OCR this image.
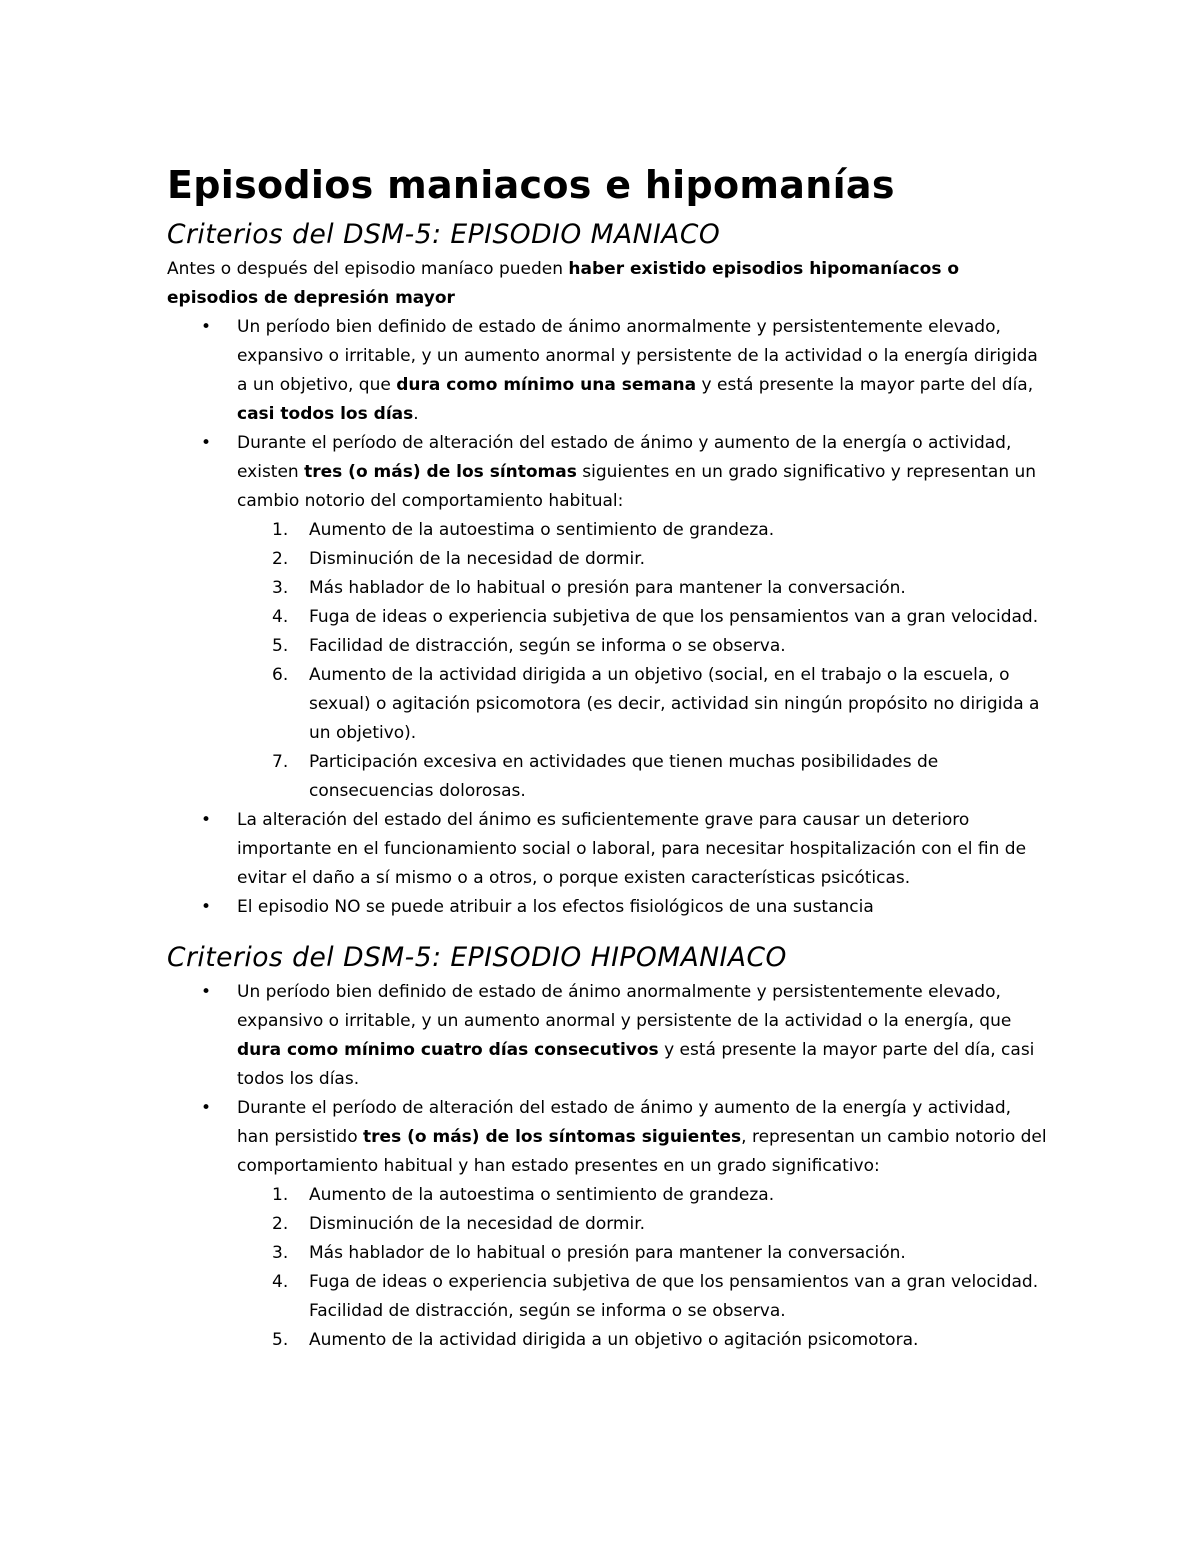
Episodios maniacos e hipomanías
Criterios del DSM-5: EPISODIO MANIACO

Antes o después del episodio maníaco pueden haber existido episodios hipomaníacos o episodios de depresión mayor

• Un período bien definido de estado de ánimo anormalmente y persistentemente elevado, expansivo o irritable, y un aumento anormal y persistente de la actividad o la energía dirigida a un objetivo, que dura como mínimo una semana y está presente la mayor parte del día, casi todos los días.
• Durante el período de alteración del estado de ánimo y aumento de la energía o actividad, existen tres (o más) de los síntomas siguientes en un grado significativo y representan un cambio notorio del comportamiento habitual:
1.	Aumento de la autoestima o sentimiento de grandeza.
2.	Disminución de la necesidad de dormir.
3.	Más hablador de lo habitual o presión para mantener la conversación.
4.	Fuga de ideas o experiencia subjetiva de que los pensamientos van a gran velocidad.
5.	Facilidad de distracción, según se informa o se observa.
6.	Aumento de la actividad dirigida a un objetivo (social, en el trabajo o la escuela, o sexual) o agitación psicomotora (es decir, actividad sin ningún propósito no dirigida a un objetivo).
7.	Participación excesiva en actividades que tienen muchas posibilidades de consecuencias dolorosas.
• La alteración del estado del ánimo es suficientemente grave para causar un deterioro importante en el funcionamiento social o laboral, para necesitar hospitalización con el fin de evitar el daño a sí mismo o a otros, o porque existen características psicóticas.
• El episodio NO se puede atribuir a los efectos fisiológicos de una sustancia
Criterios del DSM-5: EPISODIO HIPOMANIACO
• Un período bien definido de estado de ánimo anormalmente y persistentemente elevado, expansivo o irritable, y un aumento anormal y persistente de la actividad o la energía, que dura como mínimo cuatro días consecutivos y está presente la mayor parte del día, casi todos los días.
• Durante el período de alteración del estado de ánimo y aumento de la energía y actividad, han persistido tres (o más) de los síntomas siguientes, representan un cambio notorio del comportamiento habitual y han estado presentes en un grado significativo:
1.	Aumento de la autoestima o sentimiento de grandeza.
2.	Disminución de la necesidad de dormir.
3.	Más hablador de lo habitual o presión para mantener la conversación.
4.	Fuga de ideas o experiencia subjetiva de que los pensamientos van a gran velocidad. Facilidad de distracción, según se informa o se observa.
5.	Aumento de la actividad dirigida a un objetivo o agitación psicomotora.
